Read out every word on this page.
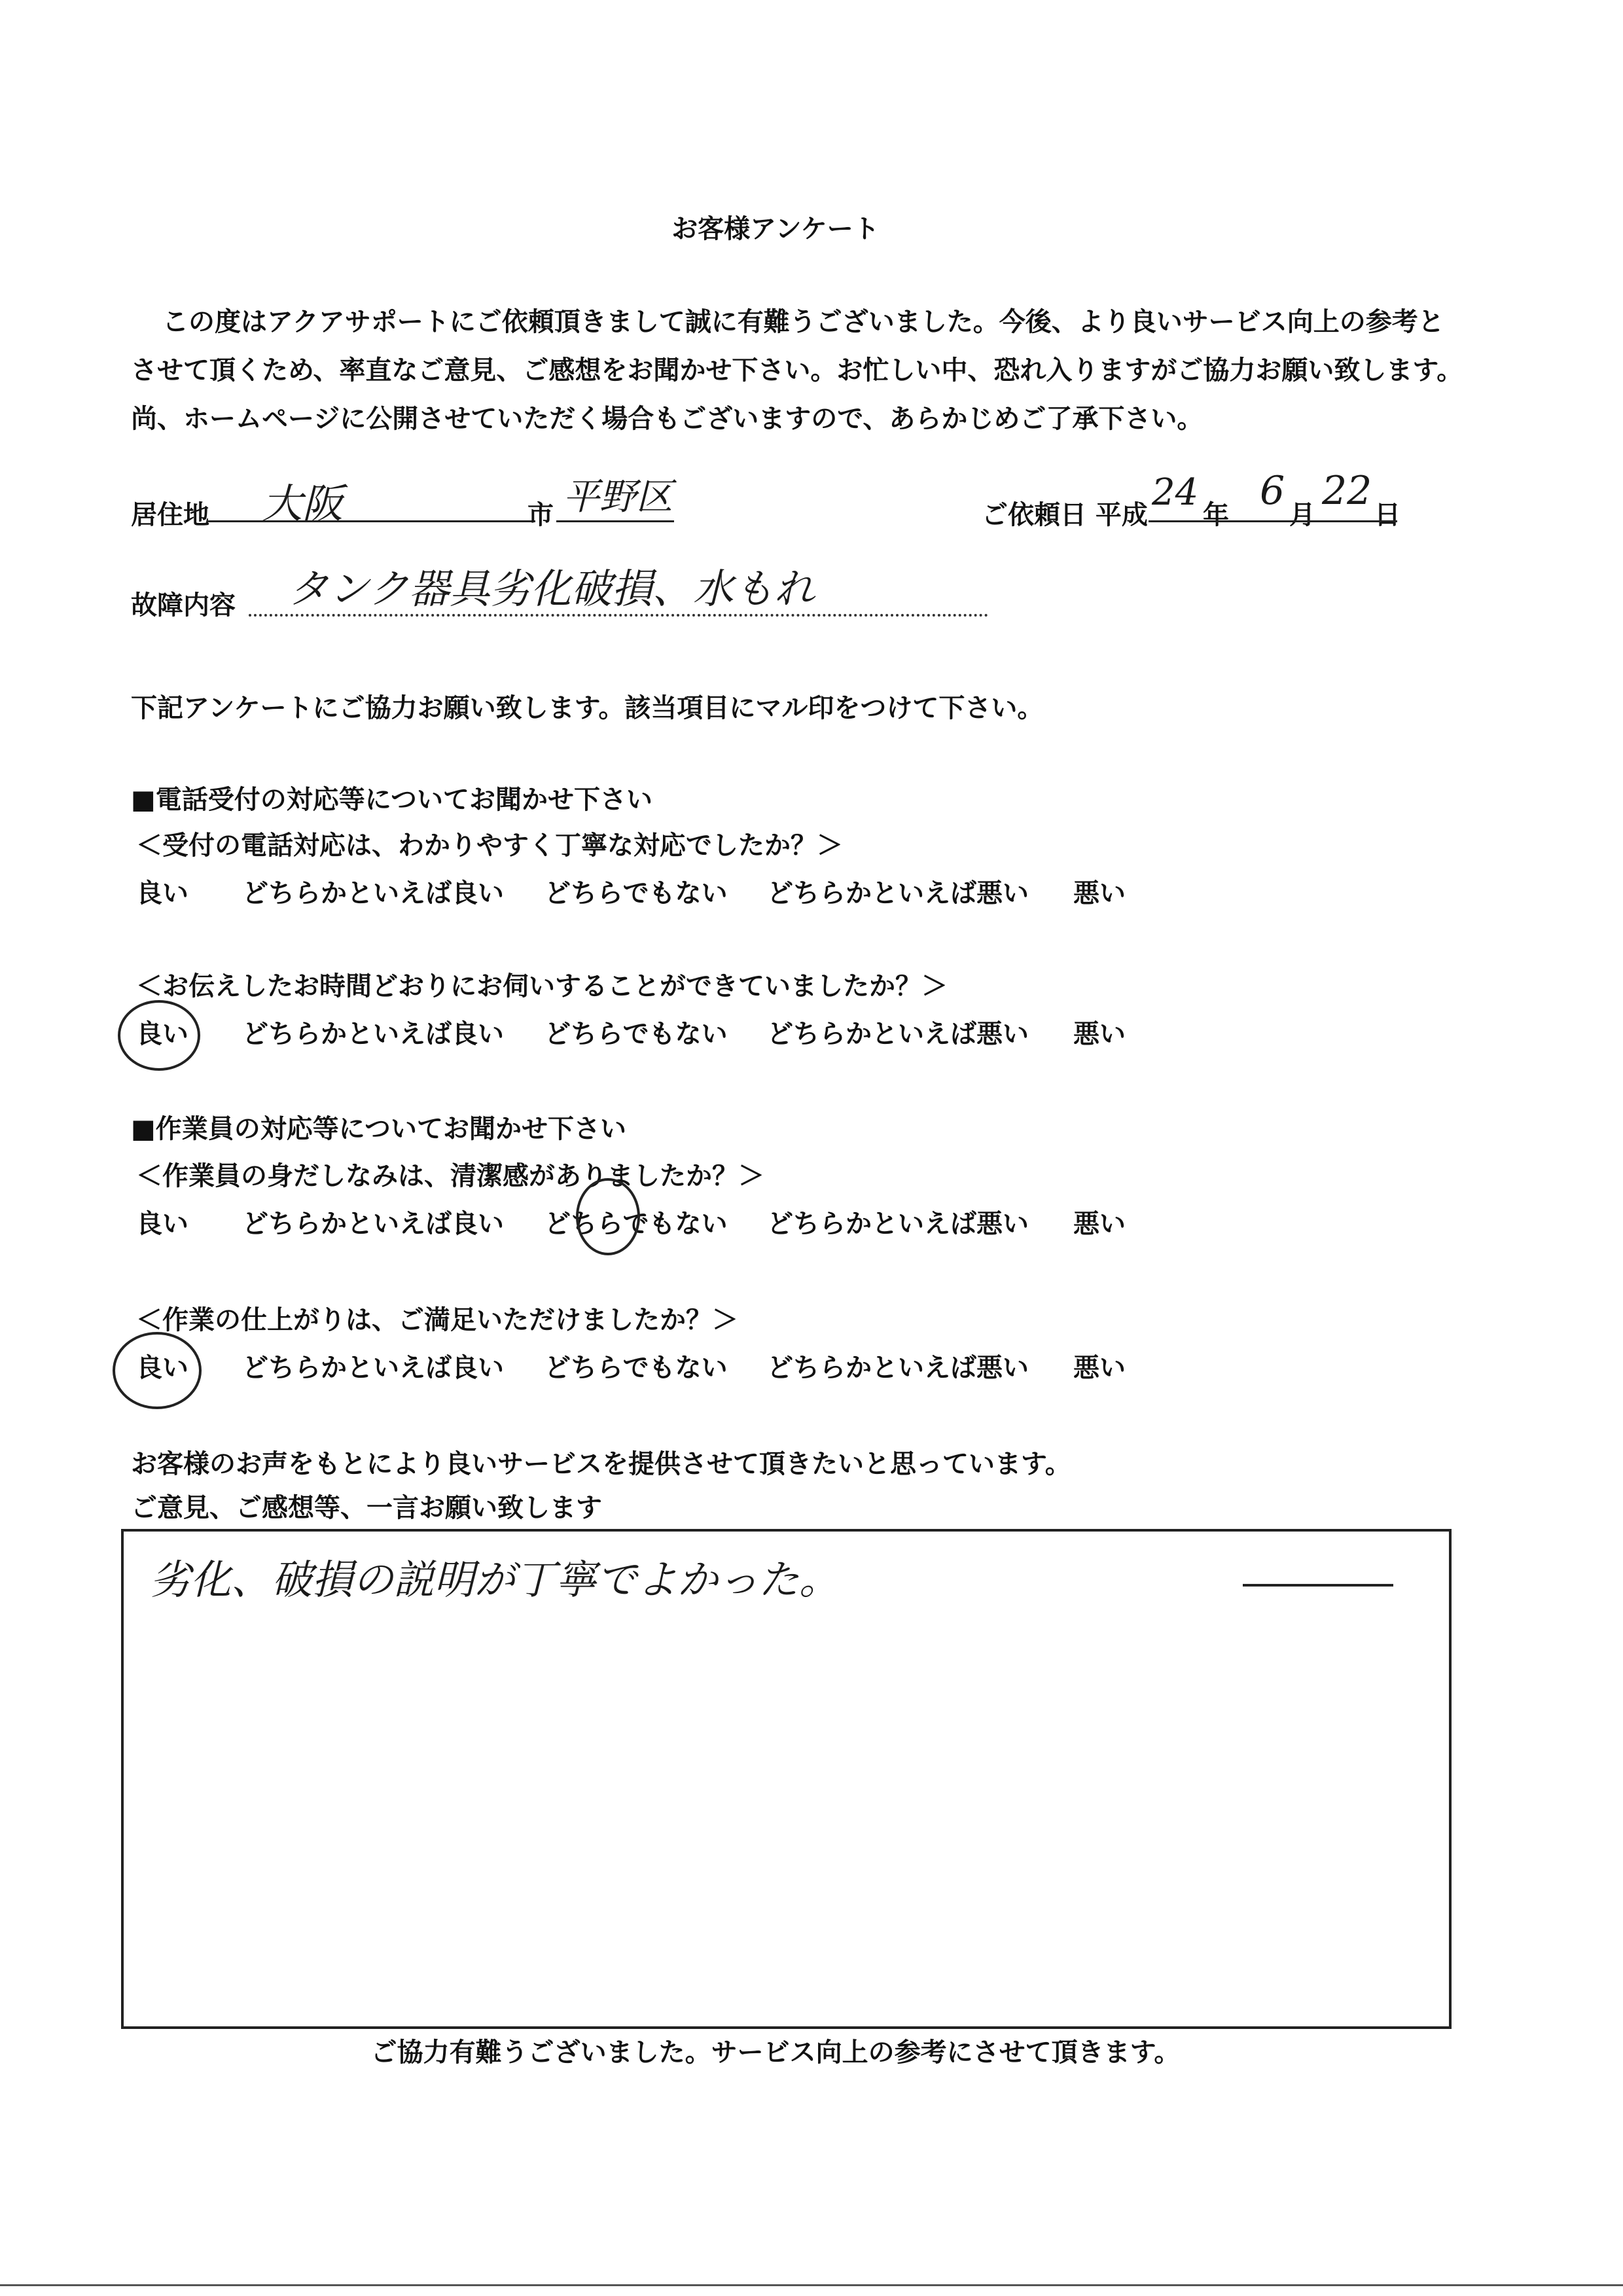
お客様アンケート

この度はアクアサポートにご依頼頂きまして誠に有難うございました。今後、より良いサービス向上の参考と

させて頂くため、率直なご意見、ご感想をお聞かせ下さい。お忙しい中、恐れ入りますがご協力お願い致します。

尚、ホームページに公開させていただく場合もございますので、あらかじめご了承下さい。

居住地 大阪	市 平野区	ご依頼日 平成
24
年
6
月
22
日
故障内容 タンク器具劣化破損、水もれ
下記アンケートにご協力お願い致します。該当項目にマル印をつけて下さい。
■電話受付の対応等についてお聞かせ下さい
＜受付の電話対応は、わかりやすく丁寧な対応でしたか？＞
良い どちらかといえば良い どちらでもない どちらかといえば悪い 悪い
＜お伝えしたお時間どおりにお伺いすることができていましたか？＞
良い どちらかといえば良い どちらでもない どちらかといえば悪い 悪い
■作業員の対応等についてお聞かせ下さい
＜作業員の身だしなみは、清潔感がありましたか？＞
良い どちらかといえば良い どちらでもない どちらかといえば悪い 悪い
＜作業の仕上がりは、ご満足いただけましたか？＞
良い どちらかといえば良い どちらでもない どちらかといえば悪い 悪い
お客様のお声をもとにより良いサービスを提供させて頂きたいと思っています。
ご意見、ご感想等、一言お願い致します
劣化、破損の説明が丁寧でよかった。
ご協力有難うございました。サービス向上の参考にさせて頂きます。
